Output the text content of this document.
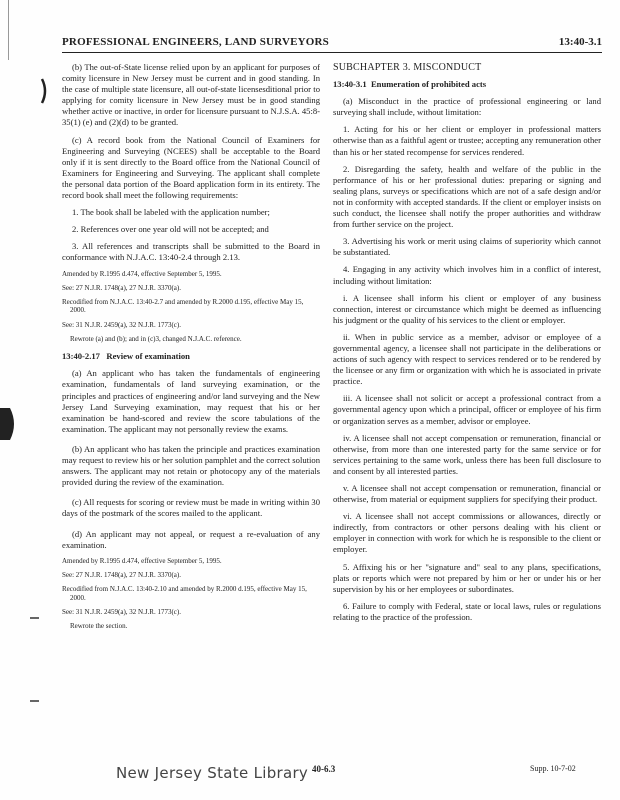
PROFESSIONAL ENGINEERS, LAND SURVEYORS	13:40-3.1

(b) The out-of-State license relied upon by an applicant for purposes of comity licensure in New Jersey must be current and in good standing. In the case of multiple state licensure, all out-of-state licensesditional prior to applying for comity licensure in New Jersey must be in good standing whether active or inactive, in order for licensure pursuant to N.J.S.A. 45:8-35(1) (e) and (2)(d) to be granted.

(c) A record book from the National Council of Examiners for Engineering and Surveying (NCEES) shall be acceptable to the Board only if it is sent directly to the Board office from the National Council of Examiners for Engineering and Surveying. The applicant shall complete the personal data portion of the Board application form in its entirety. The record book shall meet the following requirements:

1. The book shall be labeled with the application number;

2. References over one year old will not be accepted; and

3. All references and transcripts shall be submitted to the Board in conformance with N.J.A.C. 13:40-2.4 through 2.13.

Amended by R.1995 d.474, effective September 5, 1995.

See: 27 N.J.R. 1748(a), 27 N.J.R. 3370(a).

Recodified from N.J.A.C. 13:40-2.7 and amended by R.2000 d.195, effective May 15, 2000.

See: 31 N.J.R. 2459(a), 32 N.J.R. 1773(c).

Rewrote (a) and (b); and in (c)3, changed N.J.A.C. reference.

13:40-2.17 Review of examination

(a) An applicant who has taken the fundamentals of engineering examination, fundamentals of land surveying examination, or the principles and practices of engineering and/or land surveying and the New Jersey Land Surveying examination, may request that his or her examination be hand-scored and review the score tabulations of the examination. The applicant may not personally review the exams.

(b) An applicant who has taken the principle and practices examination may request to review his or her solution pamphlet and the correct solution answers. The applicant may not retain or photocopy any of the materials provided during the review of the examination.

(c) All requests for scoring or review must be made in writing within 30 days of the postmark of the scores mailed to the applicant.

(d) An applicant may not appeal, or request a re-evaluation of any examination.

Amended by R.1995 d.474, effective September 5, 1995.

See: 27 N.J.R. 1748(a), 27 N.J.R. 3370(a).

Recodified from N.J.A.C. 13:40-2.10 and amended by R.2000 d.195, effective May 15, 2000.

See: 31 N.J.R. 2459(a), 32 N.J.R. 1773(c).

Rewrote the section.

SUBCHAPTER 3. MISCONDUCT

13:40-3.1 Enumeration of prohibited acts

(a) Misconduct in the practice of professional engineering or land surveying shall include, without limitation:

1. Acting for his or her client or employer in professional matters otherwise than as a faithful agent or trustee; accepting any remuneration other than his or her stated recompense for services rendered.

2. Disregarding the safety, health and welfare of the public in the performance of his or her professional duties: preparing or signing and sealing plans, surveys or specifications which are not of a safe design and/or not in conformity with accepted standards. If the client or employer insists on such conduct, the licensee shall notify the proper authorities and withdraw from further service on the project.

3. Advertising his work or merit using claims of superiority which cannot be substantiated.

4. Engaging in any activity which involves him in a conflict of interest, including without limitation:

i. A licensee shall inform his client or employer of any business connection, interest or circumstance which might be deemed as influencing his judgment or the quality of his services to the client or employer.

ii. When in public service as a member, advisor or employee of a governmental agency, a licensee shall not participate in the deliberations or actions of such agency with respect to services rendered or to be rendered by the licensee or any firm or organization with which he is associated in private practice.

iii. A licensee shall not solicit or accept a professional contract from a governmental agency upon which a principal, officer or employee of his firm or organization serves as a member, advisor or employee.

iv. A licensee shall not accept compensation or remuneration, financial or otherwise, from more than one interested party for the same service or for services pertaining to the same work, unless there has been full disclosure to and consent by all interested parties.

v. A licensee shall not accept compensation or remuneration, financial or otherwise, from material or equipment suppliers for specifying their product.

vi. A licensee shall not accept commissions or allowances, directly or indirectly, from contractors or other persons dealing with his client or employer in connection with work for which he is responsible to the client or employer.

5. Affixing his or her "signature and" seal to any plans, specifications, plats or reports which were not prepared by him or her or under his or her supervision by his or her employees or subordinates.

6. Failure to comply with Federal, state or local laws, rules or regulations relating to the practice of the profession.

New Jersey State Library 40-6.3	Supp. 10-7-02
